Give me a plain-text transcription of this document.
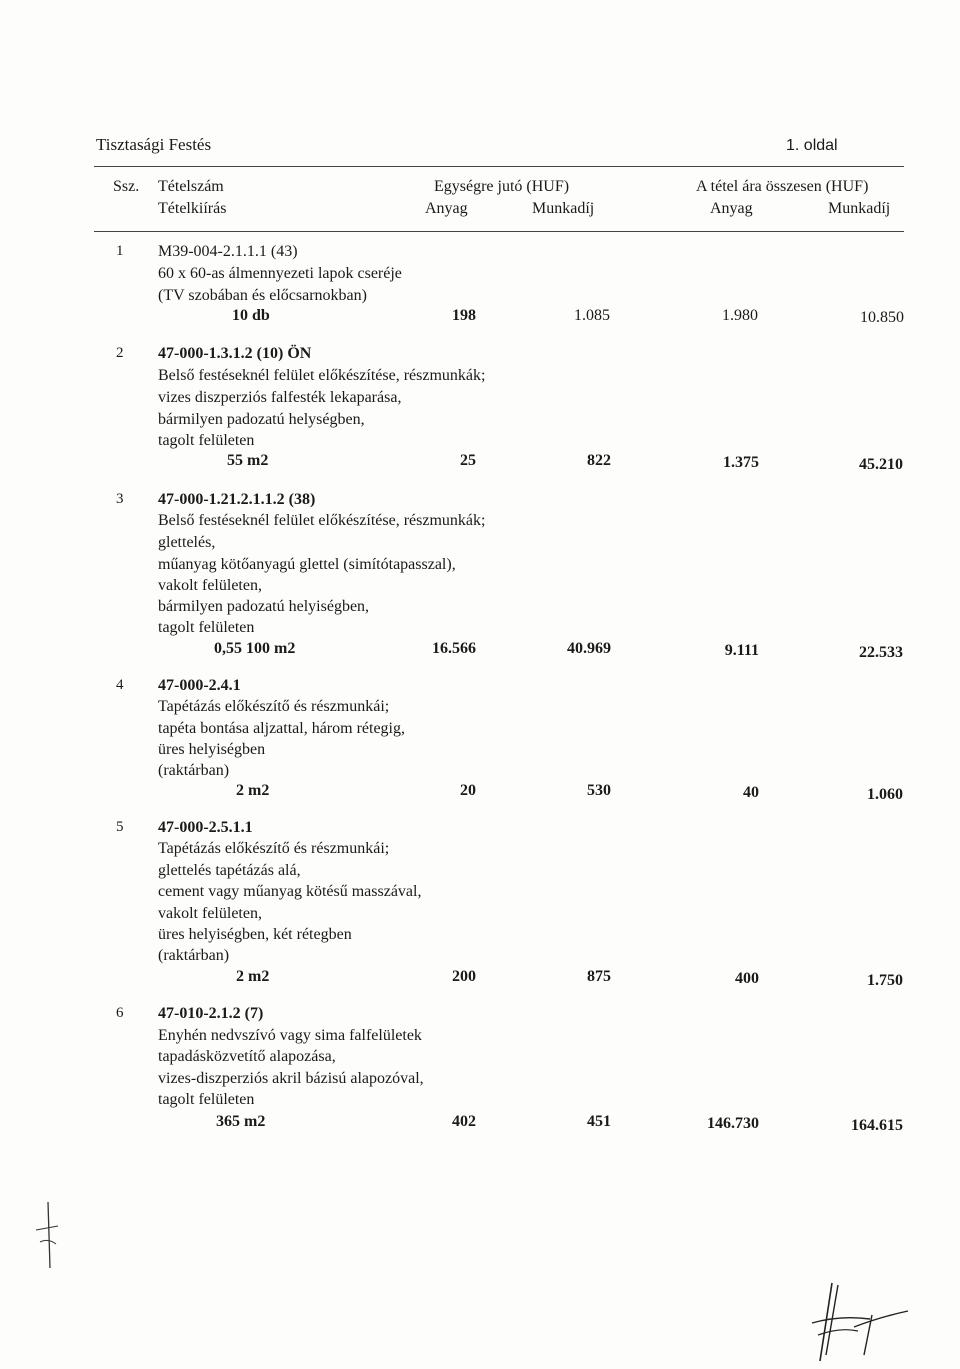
Tisztasági Festés	1. oldal
Ssz. Tételszám
Tételkiírás
Egységre jutó (HUF)	A tétel ára összesen (HUF)
Anyag	Munkadíj	Anyag	Munkadíj
1 M39-004-2.1.1.1 (43)
60 x 60-as álmennyezeti lapok cseréje
(TV szobában és előcsarnokban)
10 db	198	1.085	1.980	10.850
2 47-000-1.3.1.2 (10) ÖN
Belső festéseknél felület előkészítése, részmunkák;
vizes diszperziós falfesték lekaparása,
bármilyen padozatú helységben,
tagolt felületen
55 m2	25	822	1.375	45.210
3 47-000-1.21.2.1.1.2 (38)
Belső festéseknél felület előkészítése, részmunkák;
glettelés,
műanyag kötőanyagú glettel (simítótapasszal),
vakolt felületen,
bármilyen padozatú helyiségben,
tagolt felületen
0,55 100 m2	16.566	40.969	9.111	22.533
4 47-000-2.4.1
Tapétázás előkészítő és részmunkái;
tapéta bontása aljzattal, három rétegig,
üres helyiségben
(raktárban)
2 m2	20	530	40	1.060
5 47-000-2.5.1.1
Tapétázás előkészítő és részmunkái;
glettelés tapétázás alá,
cement vagy műanyag kötésű masszával,
vakolt felületen,
üres helyiségben, két rétegben
(raktárban)
2 m2	200	875	400	1.750
6 47-010-2.1.2 (7)
Enyhén nedvszívó vagy sima falfelületek
tapadásközvetítő alapozása,
vizes-diszperziós akril bázisú alapozóval,
tagolt felületen
365 m2	402	451	146.730	164.615
